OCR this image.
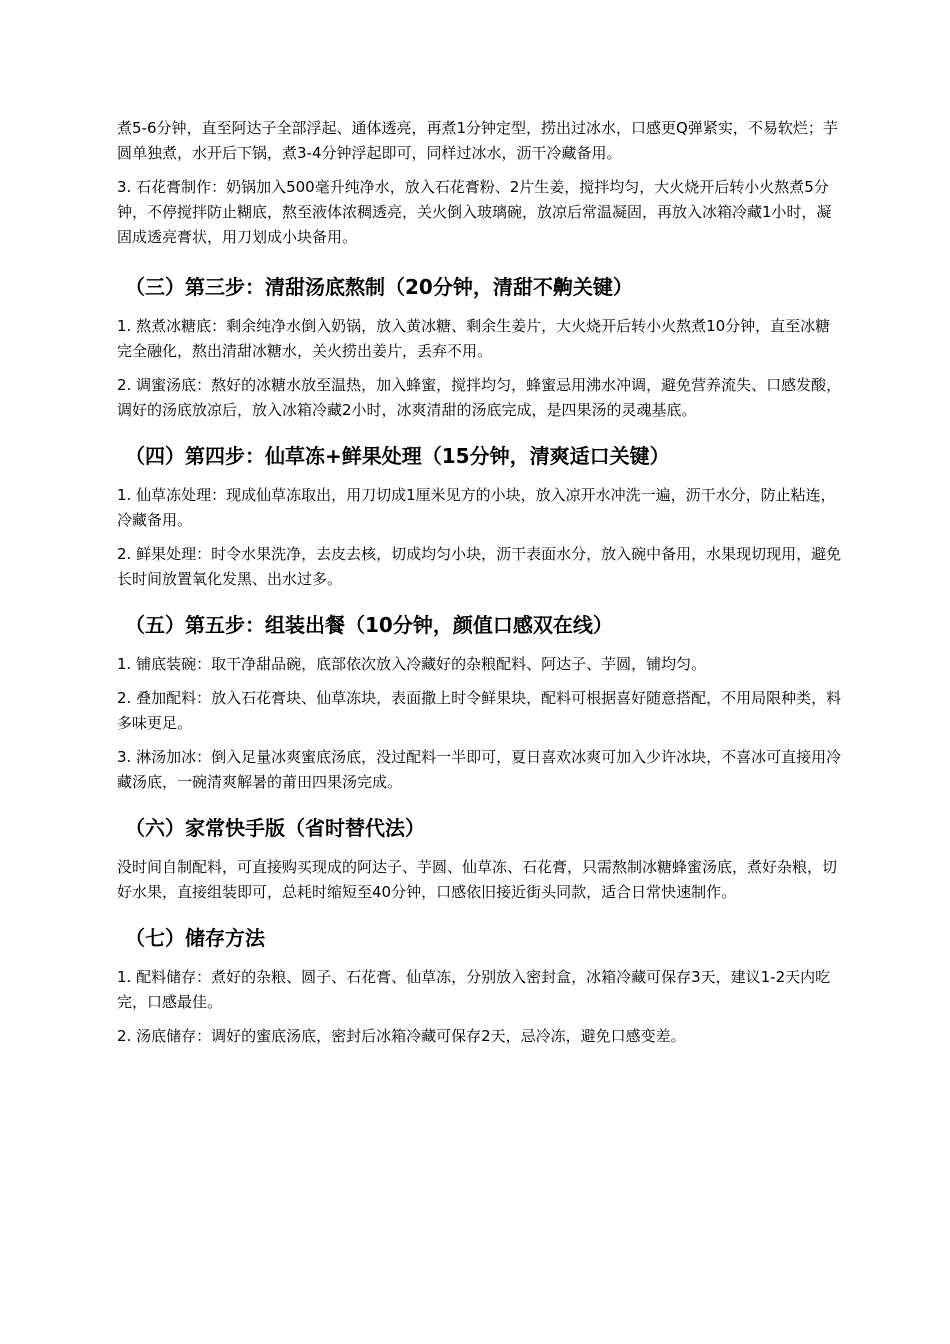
煮5-6分钟，直至阿达子全部浮起、通体透亮，再煮1分钟定型，捞出过冰水，口感更Q弹紧实，不易软烂；芋圆单独煮，水开后下锅，煮3-4分钟浮起即可，同样过冰水，沥干冷藏备用。

3. 石花膏制作：奶锅加入500毫升纯净水，放入石花膏粉、2片生姜，搅拌均匀，大火烧开后转小火熬煮5分钟，不停搅拌防止糊底，熬至液体浓稠透亮，关火倒入玻璃碗，放凉后常温凝固，再放入冰箱冷藏1小时，凝固成透亮膏状，用刀划成小块备用。

（三）第三步：清甜汤底熬制（20分钟，清甜不齁关键）

1. 熬煮冰糖底：剩余纯净水倒入奶锅，放入黄冰糖、剩余生姜片，大火烧开后转小火熬煮10分钟，直至冰糖完全融化，熬出清甜冰糖水，关火捞出姜片，丢弃不用。

2. 调蜜汤底：熬好的冰糖水放至温热，加入蜂蜜，搅拌均匀，蜂蜜忌用沸水冲调，避免营养流失、口感发酸，调好的汤底放凉后，放入冰箱冷藏2小时，冰爽清甜的汤底完成，是四果汤的灵魂基底。

（四）第四步：仙草冻+鲜果处理（15分钟，清爽适口关键）

1. 仙草冻处理：现成仙草冻取出，用刀切成1厘米见方的小块，放入凉开水冲洗一遍，沥干水分，防止粘连，冷藏备用。

2. 鲜果处理：时令水果洗净，去皮去核，切成均匀小块，沥干表面水分，放入碗中备用，水果现切现用，避免长时间放置氧化发黑、出水过多。

（五）第五步：组装出餐（10分钟，颜值口感双在线）

1. 铺底装碗：取干净甜品碗，底部依次放入冷藏好的杂粮配料、阿达子、芋圆，铺均匀。

2. 叠加配料：放入石花膏块、仙草冻块，表面撒上时令鲜果块，配料可根据喜好随意搭配，不用局限种类，料多味更足。

3. 淋汤加冰：倒入足量冰爽蜜底汤底，没过配料一半即可，夏日喜欢冰爽可加入少许冰块，不喜冰可直接用冷藏汤底，一碗清爽解暑的莆田四果汤完成。

（六）家常快手版（省时替代法）

没时间自制配料，可直接购买现成的阿达子、芋圆、仙草冻、石花膏，只需熬制冰糖蜂蜜汤底，煮好杂粮，切好水果，直接组装即可，总耗时缩短至40分钟，口感依旧接近街头同款，适合日常快速制作。

（七）储存方法

1. 配料储存：煮好的杂粮、圆子、石花膏、仙草冻，分别放入密封盒，冰箱冷藏可保存3天，建议1-2天内吃完，口感最佳。

2. 汤底储存：调好的蜜底汤底，密封后冰箱冷藏可保存2天，忌冷冻，避免口感变差。
